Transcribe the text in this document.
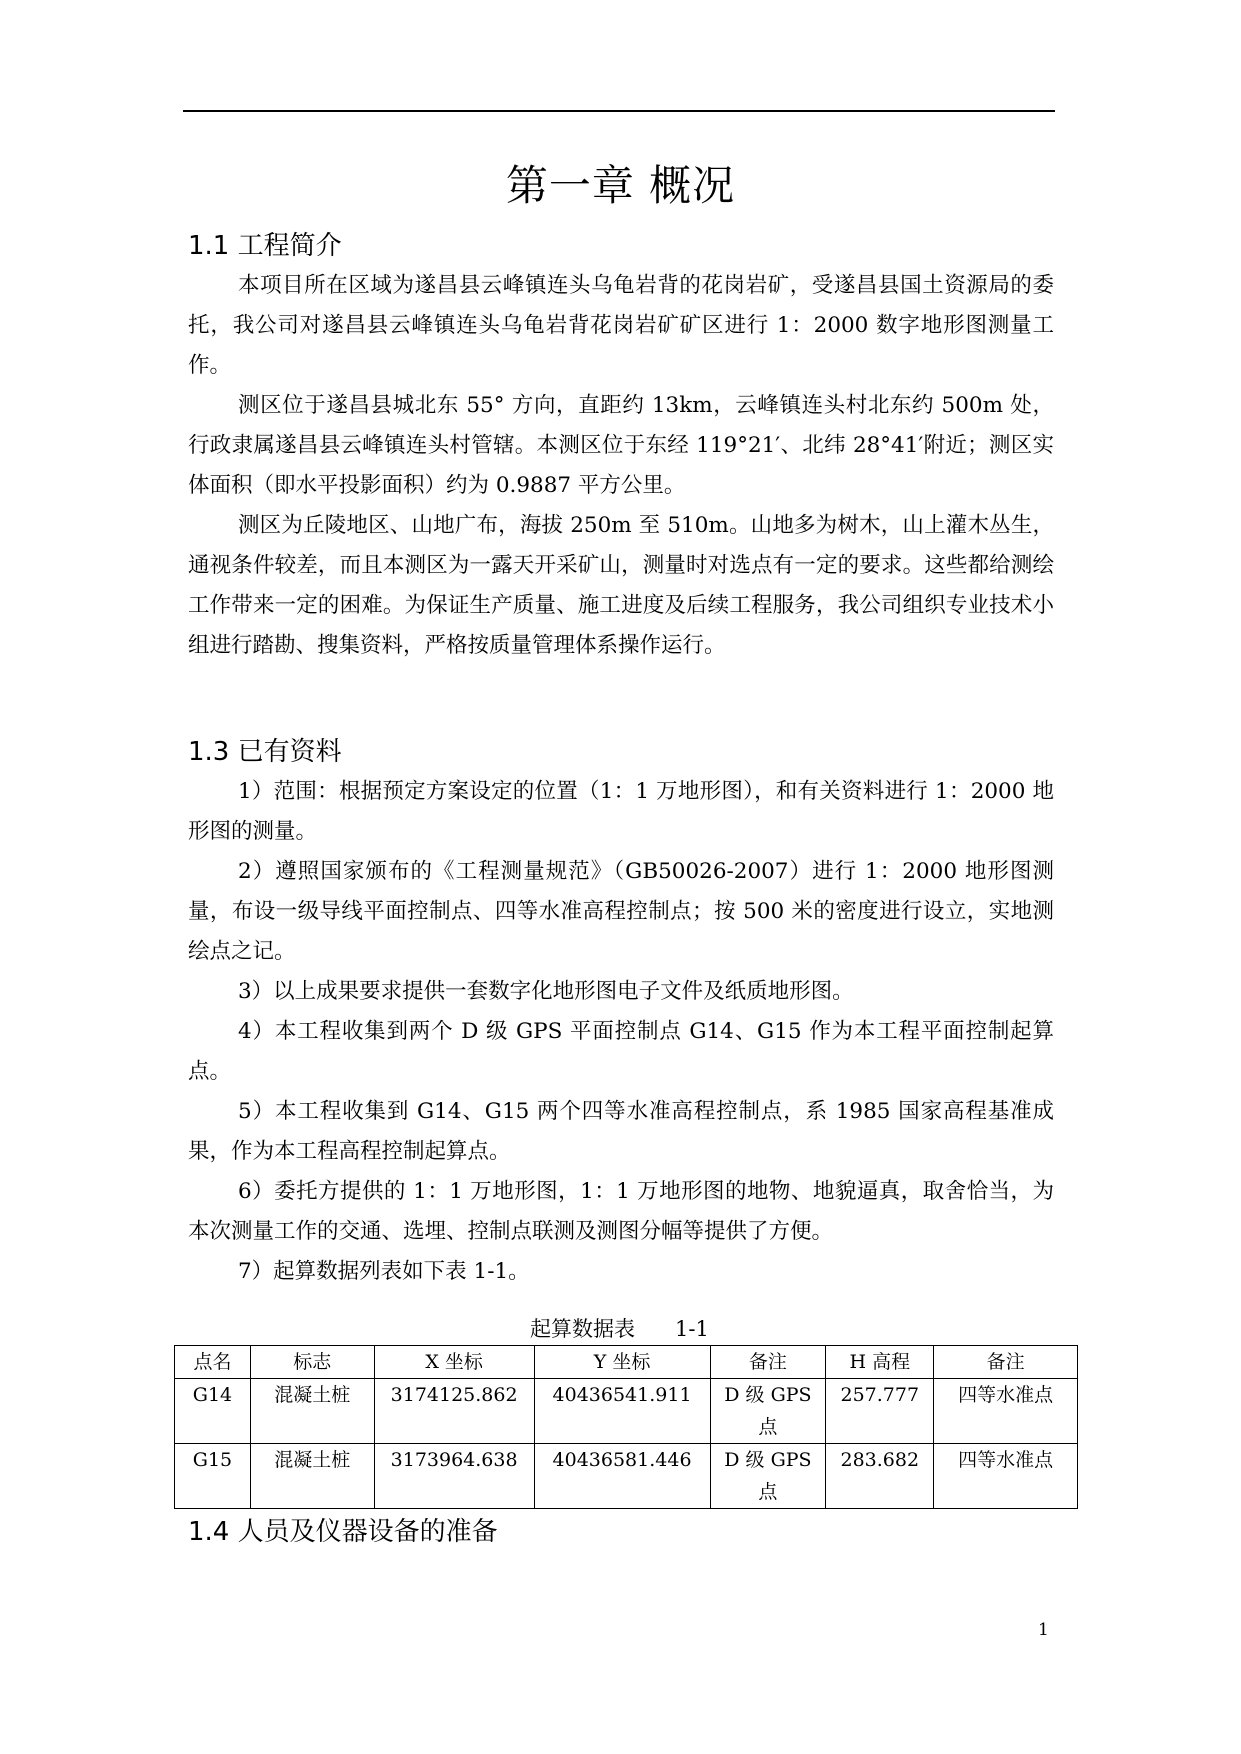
第一章 概况
1.1 工程简介

本项目所在区域为遂昌县云峰镇连头乌龟岩背的花岗岩矿，受遂昌县国土资源局的委托，我公司对遂昌县云峰镇连头乌龟岩背花岗岩矿矿区进行 1：2000 数字地形图测量工作。

测区位于遂昌县城北东 55° 方向，直距约 13km，云峰镇连头村北东约 500m 处，行政隶属遂昌县云峰镇连头村管辖。本测区位于东经 119°21′、北纬 28°41′附近；测区实体面积（即水平投影面积）约为 0.9887 平方公里。

测区为丘陵地区、山地广布，海拔 250m 至 510m。山地多为树木，山上灌木丛生，通视条件较差，而且本测区为一露天开采矿山，测量时对选点有一定的要求。这些都给测绘工作带来一定的困难。为保证生产质量、施工进度及后续工程服务，我公司组织专业技术小组进行踏勘、搜集资料，严格按质量管理体系操作运行。

1.3 已有资料

1）范围：根据预定方案设定的位置（1：1 万地形图），和有关资料进行 1：2000 地形图的测量。

2）遵照国家颁布的《工程测量规范》（GB50026-2007）进行 1：2000 地形图测量，布设一级导线平面控制点、四等水准高程控制点；按 500 米的密度进行设立，实地测绘点之记。

3）以上成果要求提供一套数字化地形图电子文件及纸质地形图。

4）本工程收集到两个 D 级 GPS 平面控制点 G14、G15 作为本工程平面控制起算点。

5）本工程收集到 G14、G15 两个四等水准高程控制点，系 1985 国家高程基准成果，作为本工程高程控制起算点。

6）委托方提供的 1：1 万地形图，1：1 万地形图的地物、地貌逼真，取舍恰当，为本次测量工作的交通、选埋、控制点联测及测图分幅等提供了方便。

7）起算数据列表如下表 1-1。

起算数据表      1-1
点名	标志	X 坐标	Y 坐标	备注	H 高程	备注
G14	混凝土桩	3174125.862	40436541.911	D 级 GPS 点	257.777	四等水准点
G15	混凝土桩	3173964.638	40436581.446	D 级 GPS 点	283.682	四等水准点
1.4 人员及仪器设备的准备
1
